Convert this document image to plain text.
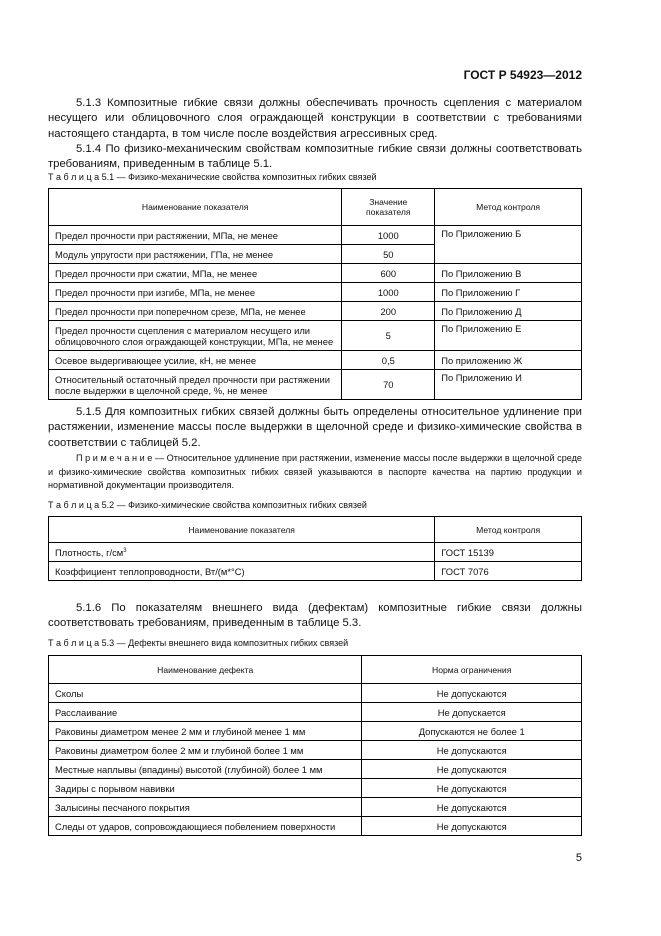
ГОСТ Р 54923—2012

5.1.3 Композитные гибкие связи должны обеспечивать прочность сцепления с материалом несущего или облицовочного слоя ограждающей конструкции в соответствии с требованиями настоящего стандарта, в том числе после воздействия агрессивных сред.

5.1.4 По физико-механическим свойствам композитные гибкие связи должны соответствовать требованиям, приведенным в таблице 5.1.

Т а б л и ц а 5.1 — Физико-механические свойства композитных гибких связей
Наименование показателя	Значение показателя	Метод контроля
Предел прочности при растяжении, МПа, не менее	1000	По Приложению Б
Модуль упругости при растяжении, ГПа, не менее	50	
Предел прочности при сжатии, МПа, не менее	600	По Приложению В
Предел прочности при изгибе, МПа, не менее	1000	По Приложению Г
Предел прочности при поперечном срезе, МПа, не менее	200	По Приложению Д
Предел прочности сцепления с материалом несущего или облицовочного слоя ограждающей конструкции, МПа, не менее	5	По Приложению Е
Осевое выдергивающее усилие, кН, не менее	0,5	По приложению Ж
Относительный остаточный предел прочности при растяжении после выдержки в щелочной среде, %, не менее	70	По Приложению И

5.1.5 Для композитных гибких связей должны быть определены относительное удлинение при растяжении, изменение массы после выдержки в щелочной среде и физико-химические свойства в соответствии с таблицей 5.2.

П р и м е ч а н и е — Относительное удлинение при растяжении, изменение массы после выдержки в щелочной среде и физико-химические свойства композитных гибких связей указываются в паспорте качества на партию продукции и нормативной документации производителя.

Т а б л и ц а 5.2 — Физико-химические свойства композитных гибких связей
Наименование показателя	Метод контроля
Плотность, $г/см^3$	ГОСТ 15139
Коэффициент теплопроводности, Вт/(м*°С)	ГОСТ 7076

5.1.6 По показателям внешнего вида (дефектам) композитные гибкие связи должны соответствовать требованиям, приведенным в таблице 5.3.

Т а б л и ц а 5.3 — Дефекты внешнего вида композитных гибких связей
Наименование дефекта	Норма ограничения
Сколы	Не допускаются
Расслаивание	Не допускается
Раковины диаметром менее 2 мм и глубиной менее 1 мм	Допускаются не более 1
Раковины диаметром более 2 мм и глубиной более 1 мм	Не допускаются
Местные наплывы (впадины) высотой (глубиной) более 1 мм	Не допускаются
Задиры с порывом навивки	Не допускаются
Залысины песчаного покрытия	Не допускаются
Следы от ударов, сопровождающиеся побелением поверхности	Не допускаются
5
